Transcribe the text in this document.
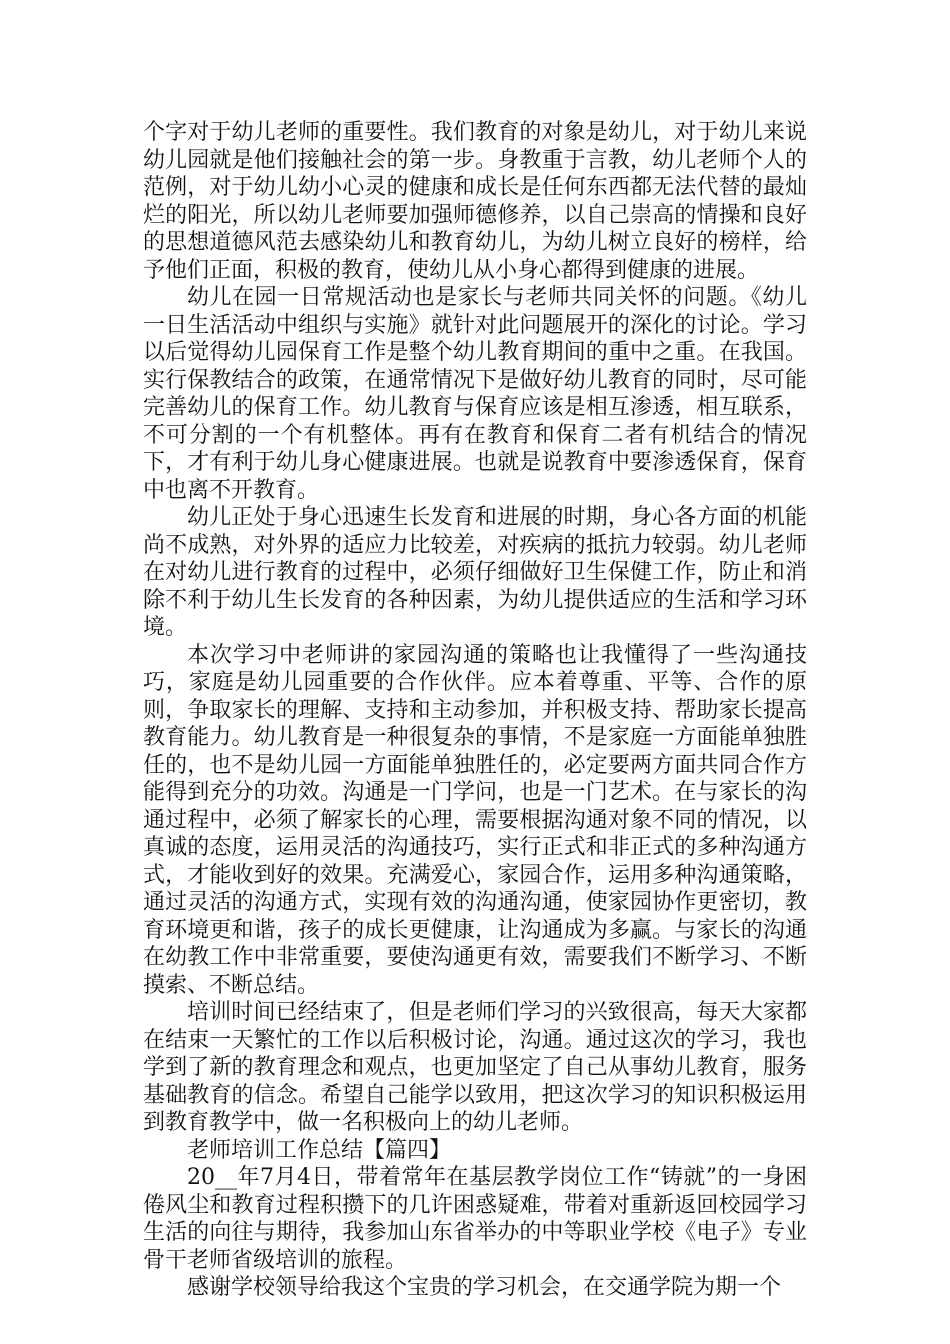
个字对于幼儿老师的重要性。我们教育的对象是幼儿，对于幼儿来说幼儿园就是他们接触社会的第一步。身教重于言教，幼儿老师个人的范例，对于幼儿幼小心灵的健康和成长是任何东西都无法代替的最灿烂的阳光，所以幼儿老师要加强师德修养，以自己崇高的情操和良好的思想道德风范去感染幼儿和教育幼儿，为幼儿树立良好的榜样，给予他们正面，积极的教育，使幼儿从小身心都得到健康的进展。

幼儿在园一日常规活动也是家长与老师共同关怀的问题。《幼儿一日生活活动中组织与实施》就针对此问题展开的深化的讨论。学习以后觉得幼儿园保育工作是整个幼儿教育期间的重中之重。在我国。实行保教结合的政策，在通常情况下是做好幼儿教育的同时，尽可能完善幼儿的保育工作。幼儿教育与保育应该是相互渗透，相互联系，不可分割的一个有机整体。再有在教育和保育二者有机结合的情况下，才有利于幼儿身心健康进展。也就是说教育中要渗透保育，保育中也离不开教育。

幼儿正处于身心迅速生长发育和进展的时期，身心各方面的机能尚不成熟，对外界的适应力比较差，对疾病的抵抗力较弱。幼儿老师在对幼儿进行教育的过程中，必须仔细做好卫生保健工作，防止和消除不利于幼儿生长发育的各种因素，为幼儿提供适应的生活和学习环境。

本次学习中老师讲的家园沟通的策略也让我懂得了一些沟通技巧，家庭是幼儿园重要的合作伙伴。应本着尊重、平等、合作的原则，争取家长的理解、支持和主动参加，并积极支持、帮助家长提高教育能力。幼儿教育是一种很复杂的事情，不是家庭一方面能单独胜任的，也不是幼儿园一方面能单独胜任的，必定要两方面共同合作方能得到充分的功效。沟通是一门学问，也是一门艺术。在与家长的沟通过程中，必须了解家长的心理，需要根据沟通对象不同的情况，以真诚的态度，运用灵活的沟通技巧，实行正式和非正式的多种沟通方式，才能收到好的效果。充满爱心，家园合作，运用多种沟通策略，通过灵活的沟通方式，实现有效的沟通沟通，使家园协作更密切，教育环境更和谐，孩子的成长更健康，让沟通成为多赢。与家长的沟通在幼教工作中非常重要，要使沟通更有效，需要我们不断学习、不断摸索、不断总结。

培训时间已经结束了，但是老师们学习的兴致很高，每天大家都在结束一天繁忙的工作以后积极讨论，沟通。通过这次的学习，我也学到了新的教育理念和观点，也更加坚定了自己从事幼儿教育，服务基础教育的信念。希望自己能学以致用，把这次学习的知识积极运用到教育教学中，做一名积极向上的幼儿老师。

老师培训工作总结【篇四】

20__年7月4日，带着常年在基层教学岗位工作“铸就”的一身困倦风尘和教育过程积攒下的几许困惑疑难，带着对重新返回校园学习生活的向往与期待，我参加山东省举办的中等职业学校《电子》专业骨干老师省级培训的旅程。

感谢学校领导给我这个宝贵的学习机会，在交通学院为期一个
